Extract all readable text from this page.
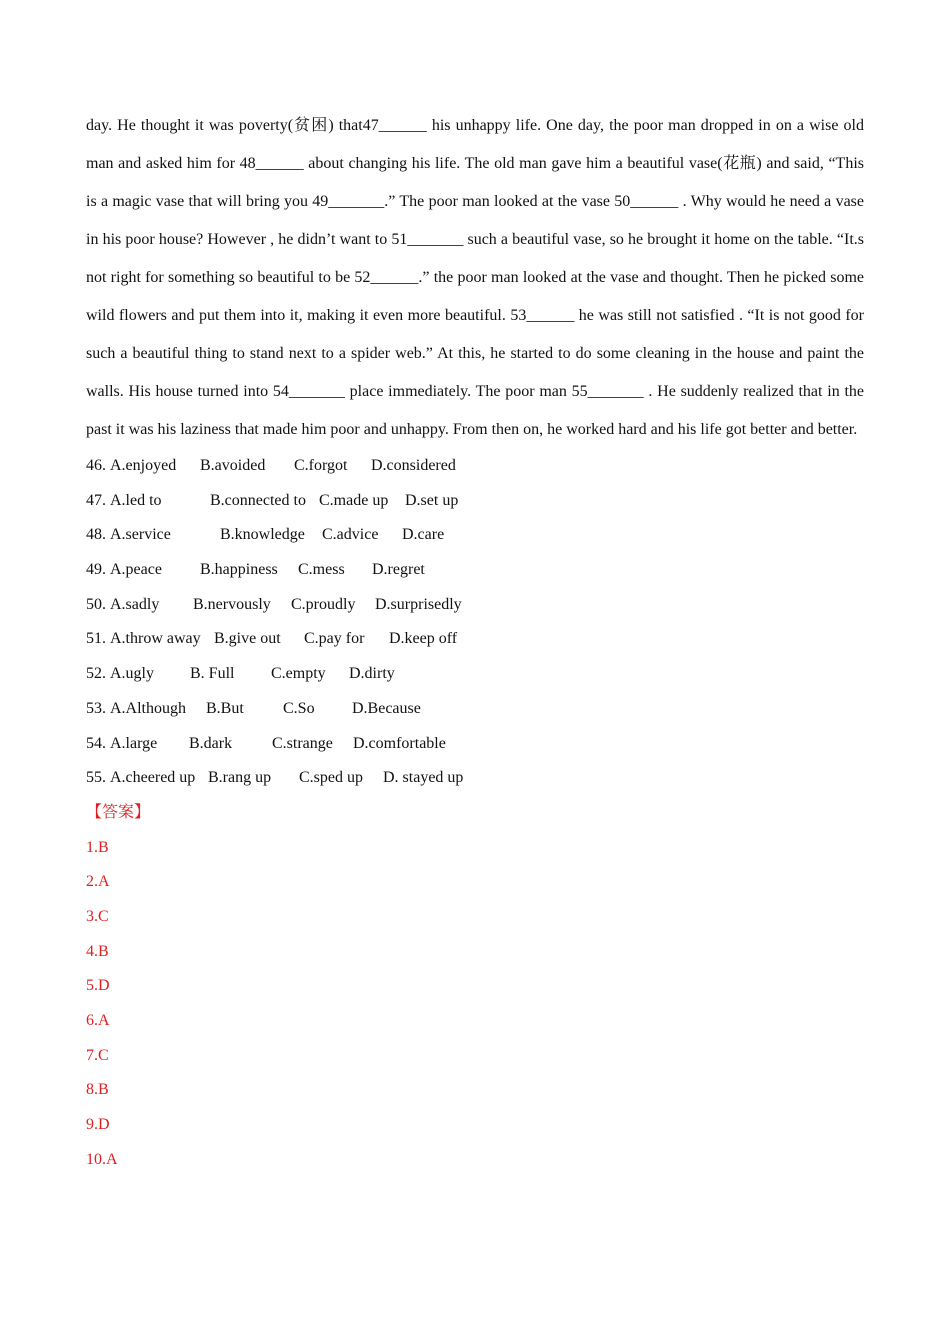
day. He thought it was poverty(贫困) that47______ his unhappy life. One day, the poor man dropped in on a wise old man and asked him for 48______ about changing his life. The old man gave him a beautiful vase(花瓶) and said, “This is a magic vase that will bring you 49_______.” The poor man looked at the vase 50______ . Why would he need a vase in his poor house? However , he didn’t want to 51_______ such a beautiful vase, so he brought it home on the table. “It.s not right for something so beautiful to be 52______.” the poor man looked at the vase and thought. Then he picked some wild flowers and put them into it, making it even more beautiful. 53______ he was still not satisfied . “It is not good for such a beautiful thing to stand next to a spider web.” At this, he started to do some cleaning in the house and paint the walls. His house turned into 54_______ place immediately. The poor man 55_______ . He suddenly realized that in the past it was his laziness that made him poor and unhappy. From then on, he worked hard and his life got better and better.

46. A.enjoyed B.avoided C.forgot D.considered
47. A.led to	B.connected to C.made up D.set up
48. A.service	B.knowledge C.advice D.care
49. A.peace B.happiness C.mess D.regret
50. A.sadly B.nervously C.proudly D.surprisedly
51. A.throw away B.give out C.pay for D.keep off
52. A.ugly B. Full C.empty D.dirty
53. A.Although B.But C.So D.Because
54. A.large B.dark C.strange D.comfortable
55. A.cheered up B.rang up C.sped up D. stayed up
【答案】
1.B
2.A
3.C
4.B
5.D
6.A
7.C
8.B
9.D
10.A
